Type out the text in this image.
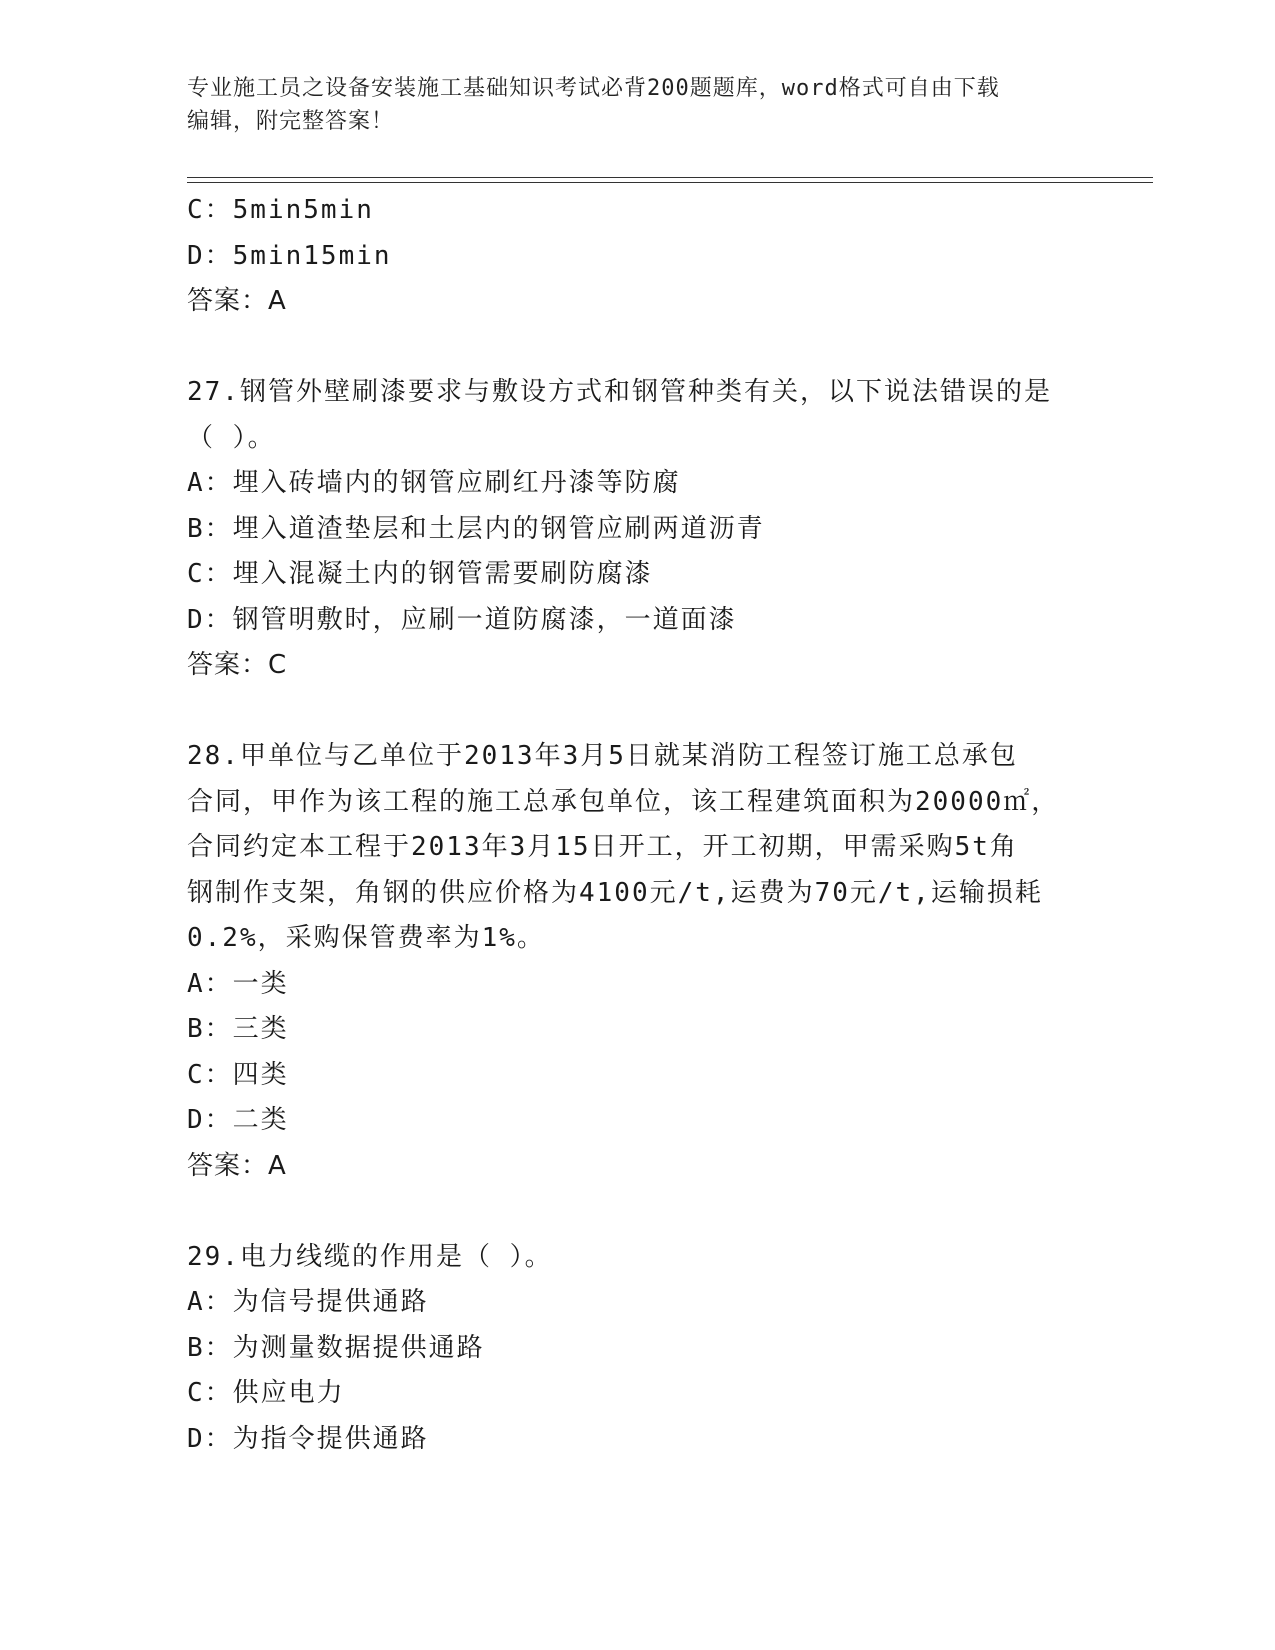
专业施工员之设备安装施工基础知识考试必背200题题库，word格式可自由下载
编辑，附完整答案！
C：5min5min
D：5min15min
答案：A
27.钢管外壁刷漆要求与敷设方式和钢管种类有关，以下说法错误的是
（ ）。
A：埋入砖墙内的钢管应刷红丹漆等防腐
B：埋入道渣垫层和土层内的钢管应刷两道沥青
C：埋入混凝土内的钢管需要刷防腐漆
D：钢管明敷时，应刷一道防腐漆，一道面漆
答案：C
28.甲单位与乙单位于2013年3月5日就某消防工程签订施工总承包
合同，甲作为该工程的施工总承包单位，该工程建筑面积为20000㎡，
合同约定本工程于2013年3月15日开工，开工初期，甲需采购5t角
钢制作支架，角钢的供应价格为4100元/t,运费为70元/t,运输损耗
0.2%，采购保管费率为1%。
A：一类
B：三类
C：四类
D：二类
答案：A
29.电力线缆的作用是（ ）。
A：为信号提供通路
B：为测量数据提供通路
C：供应电力
D：为指令提供通路
